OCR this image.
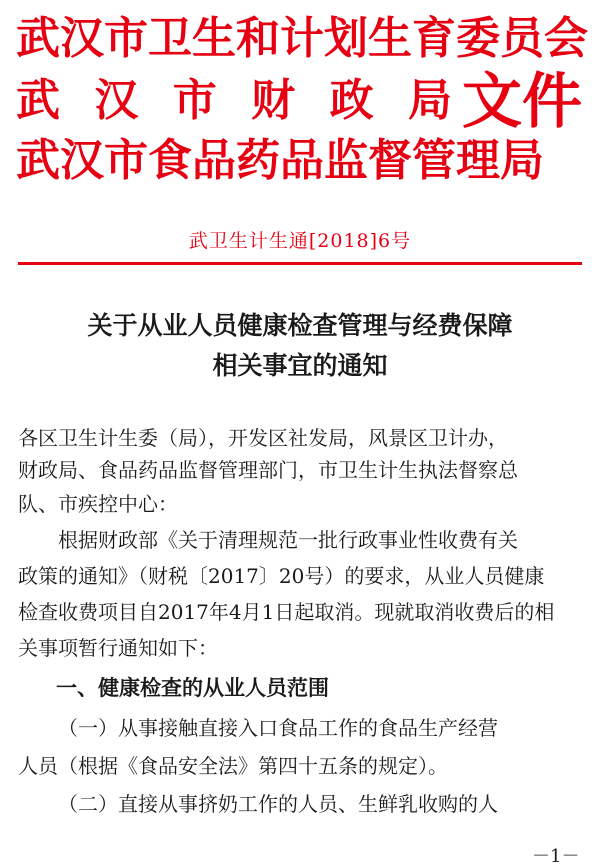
武汉市卫生和计划生育委员会
武 汉 市 财 政 局
武汉市食品药品监督管理局
文件
武卫生计生通[2018]6号
关于从业人员健康检查管理与经费保障
相关事宜的通知
各区卫生计生委（局），开发区社发局，风景区卫计办，
财政局、食品药品监督管理部门，市卫生计生执法督察总
队、市疾控中心：
根据财政部《关于清理规范一批行政事业性收费有关
政策的通知》（财税〔2017〕20号）的要求，从业人员健康
检查收费项目自2017年4月1日起取消。现就取消收费后的相
关事项暂行通知如下：
一、健康检查的从业人员范围
（一）从事接触直接入口食品工作的食品生产经营
人员（根据《食品安全法》第四十五条的规定）。
（二）直接从事挤奶工作的人员、生鲜乳收购的人
－1－
